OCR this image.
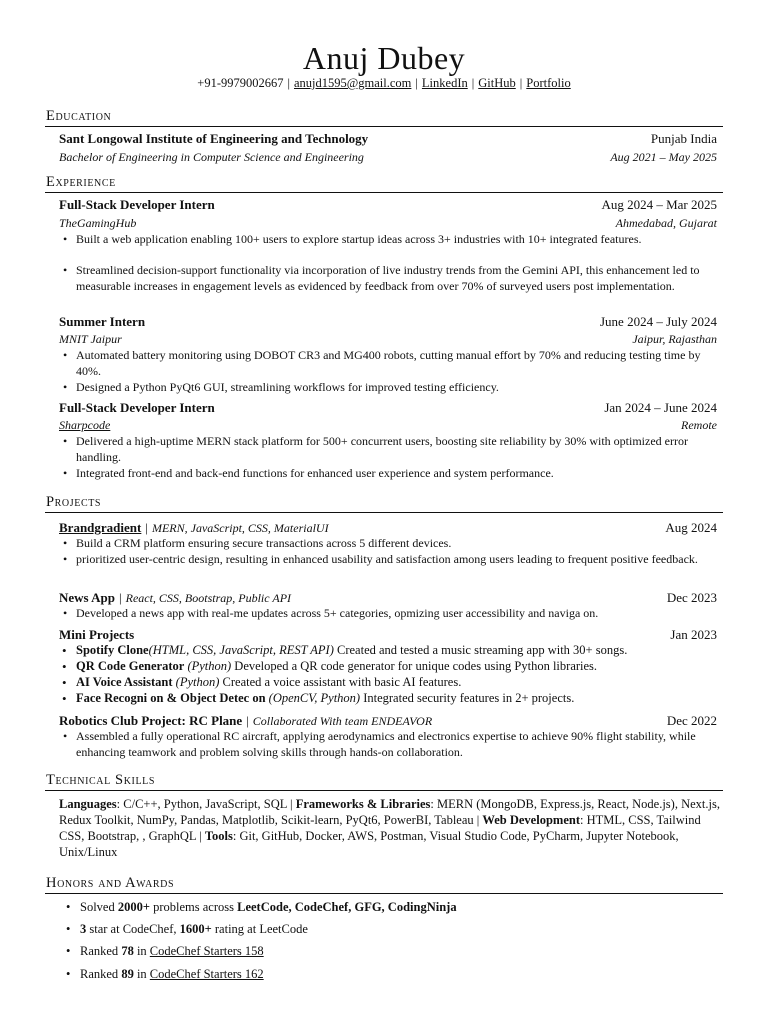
Anuj Dubey
+91-9979002667 | anujd1595@gmail.com | LinkedIn | GitHub | Portfolio
Education
Sant Longowal Institute of Engineering and Technology	Punjab India
Bachelor of Engineering in Computer Science and Engineering	Aug 2021 – May 2025
Experience
Full-Stack Developer Intern	Aug 2024 – Mar 2025
TheGamingHub	Ahmedabad, Gujarat
• Built a web application enabling 100+ users to explore startup ideas across 3+ industries with 10+ integrated features.
• Streamlined decision-support functionality via incorporation of live industry trends from the Gemini API, this enhancement led to measurable increases in engagement levels as evidenced by feedback from over 70% of surveyed users post implementation.
Summer Intern	June 2024 – July 2024
MNIT Jaipur	Jaipur, Rajasthan
• Automated battery monitoring using DOBOT CR3 and MG400 robots, cutting manual effort by 70% and reducing testing time by 40%.
• Designed a Python PyQt6 GUI, streamlining workflows for improved testing efficiency.
Full-Stack Developer Intern	Jan 2024 – June 2024
Sharpcode	Remote
• Delivered a high-uptime MERN stack platform for 500+ concurrent users, boosting site reliability by 30% with optimized error handling.
• Integrated front-end and back-end functions for enhanced user experience and system performance.
Projects
Brandgradient | MERN, JavaScript, CSS, MaterialUI	Aug 2024
• Build a CRM platform ensuring secure transactions across 5 different devices.
• prioritized user-centric design, resulting in enhanced usability and satisfaction among users leading to frequent positive feedback.
News App | React, CSS, Bootstrap, Public API	Dec 2023
• Developed a news app with real-me updates across 5+ categories, opmizing user accessibility and naviga on.
Mini Projects	Jan 2023
• Spotify Clone(HTML, CSS, JavaScript, REST API) Created and tested a music streaming app with 30+ songs.
• QR Code Generator (Python) Developed a QR code generator for unique codes using Python libraries.
• AI Voice Assistant (Python) Created a voice assistant with basic AI features.
• Face Recogni on & Object Detec on (OpenCV, Python) Integrated security features in 2+ projects.
Robotics Club Project: RC Plane | Collaborated With team ENDEAVOR	Dec 2022
• Assembled a fully operational RC aircraft, applying aerodynamics and electronics expertise to achieve 90% flight stability, while enhancing teamwork and problem solving skills through hands-on collaboration.
Technical Skills
Languages: C/C++, Python, JavaScript, SQL | Frameworks & Libraries: MERN (MongoDB, Express.js, React, Node.js), Next.js, Redux Toolkit, NumPy, Pandas, Matplotlib, Scikit-learn, PyQt6, PowerBI, Tableau | Web Development: HTML, CSS, Tailwind CSS, Bootstrap, , GraphQL | Tools: Git, GitHub, Docker, AWS, Postman, Visual Studio Code, PyCharm, Jupyter Notebook, Unix/Linux
Honors and Awards
• Solved 2000+ problems across LeetCode, CodeChef, GFG, CodingNinja
• 3 star at CodeChef, 1600+ rating at LeetCode
• Ranked 78 in CodeChef Starters 158
• Ranked 89 in CodeChef Starters 162
